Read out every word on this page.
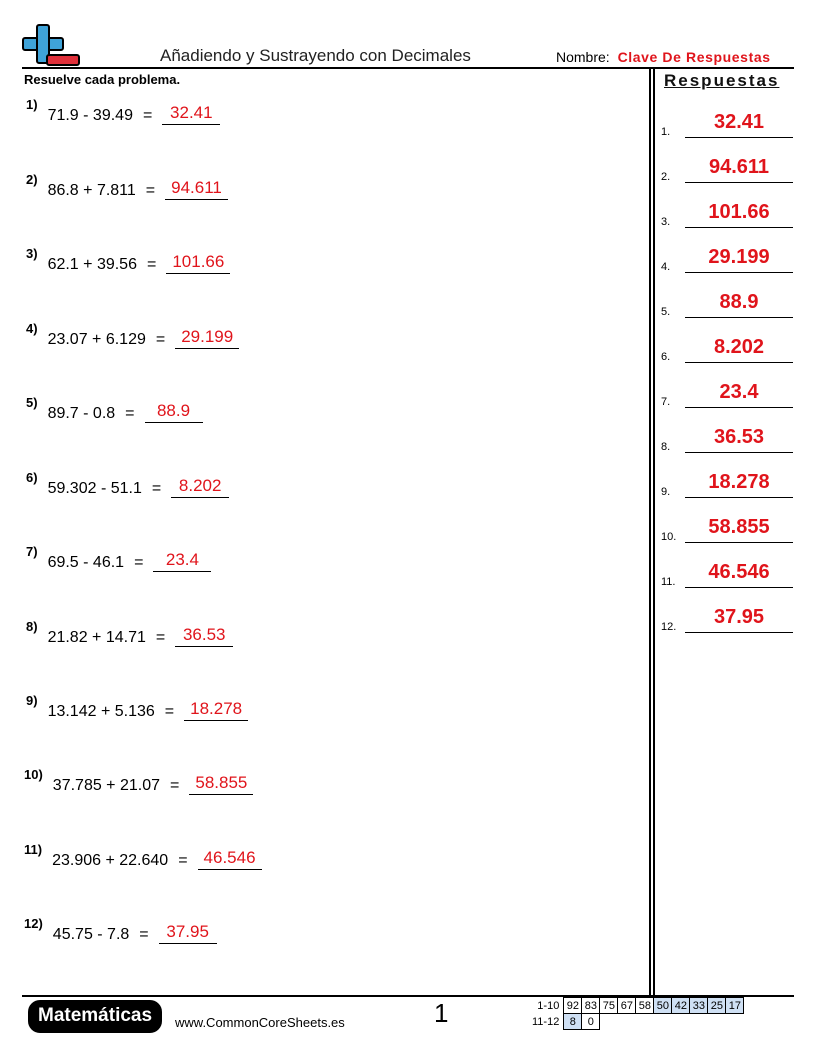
Añadiendo y Sustrayendo con Decimales	Nombre: Clave De Respuestas
Resuelve cada problema.
1)
71.9 - 39.49 =	32.41
2)
86.8 + 7.811 = 94.611
3)
62.1 + 39.56 = 101.66
4)
23.07 + 6.129 = 29.199
5)
89.7 - 0.8 =	88.9
6)
59.302 - 51.1 =	8.202
7)
69.5 - 46.1 =	23.4
8)
21.82 + 14.71 =	36.53
9)
13.142 + 5.136 = 18.278
10)
37.785 + 21.07 = 58.855
11)
23.906 + 22.640 = 46.546
12)
45.75 - 7.8 =	37.95
Respuestas
1.	32.41
2.	94.611
3.	101.66
4.	29.199
5.	88.9
6.	8.202
7.	23.4
8.	36.53
9.	18.278
10.	58.855
11.	46.546
12.	37.95
Matemáticas	www.CommonCoreSheets.es	1	1-10	92	83	75	67	58	50	42	33	25	17
11-12	8	0								
